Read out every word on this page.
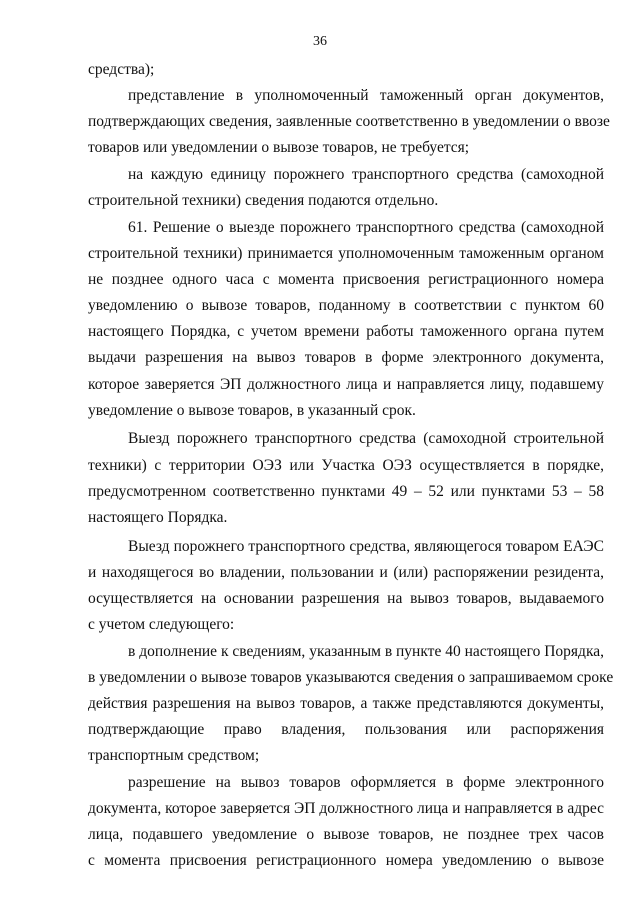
36
средства);
представление в уполномоченный таможенный орган документов,
подтверждающих сведения, заявленные соответственно в уведомлении о ввозе
товаров или уведомлении о вывозе товаров, не требуется;
на каждую единицу порожнего транспортного средства (самоходной
строительной техники) сведения подаются отдельно.
61. Решение о выезде порожнего транспортного средства (самоходной
строительной техники) принимается уполномоченным таможенным органом
не позднее одного часа с момента присвоения регистрационного номера
уведомлению о вывозе товаров, поданному в соответствии с пунктом 60
настоящего Порядка, с учетом времени работы таможенного органа путем
выдачи разрешения на вывоз товаров в форме электронного документа,
которое заверяется ЭП должностного лица и направляется лицу, подавшему
уведомление о вывозе товаров, в указанный срок.
Выезд порожнего транспортного средства (самоходной строительной
техники) с территории ОЭЗ или Участка ОЭЗ осуществляется в порядке,
предусмотренном соответственно пунктами 49 – 52 или пунктами 53 – 58
настоящего Порядка.
Выезд порожнего транспортного средства, являющегося товаром ЕАЭС
и находящегося во владении, пользовании и (или) распоряжении резидента,
осуществляется на основании разрешения на вывоз товаров, выдаваемого
с учетом следующего:
в дополнение к сведениям, указанным в пункте 40 настоящего Порядка,
в уведомлении о вывозе товаров указываются сведения о запрашиваемом сроке
действия разрешения на вывоз товаров, а также представляются документы,
подтверждающие право владения, пользования или распоряжения
транспортным средством;
разрешение на вывоз товаров оформляется в форме электронного
документа, которое заверяется ЭП должностного лица и направляется в адрес
лица, подавшего уведомление о вывозе товаров, не позднее трех часов
с момента присвоения регистрационного номера уведомлению о вывозе
